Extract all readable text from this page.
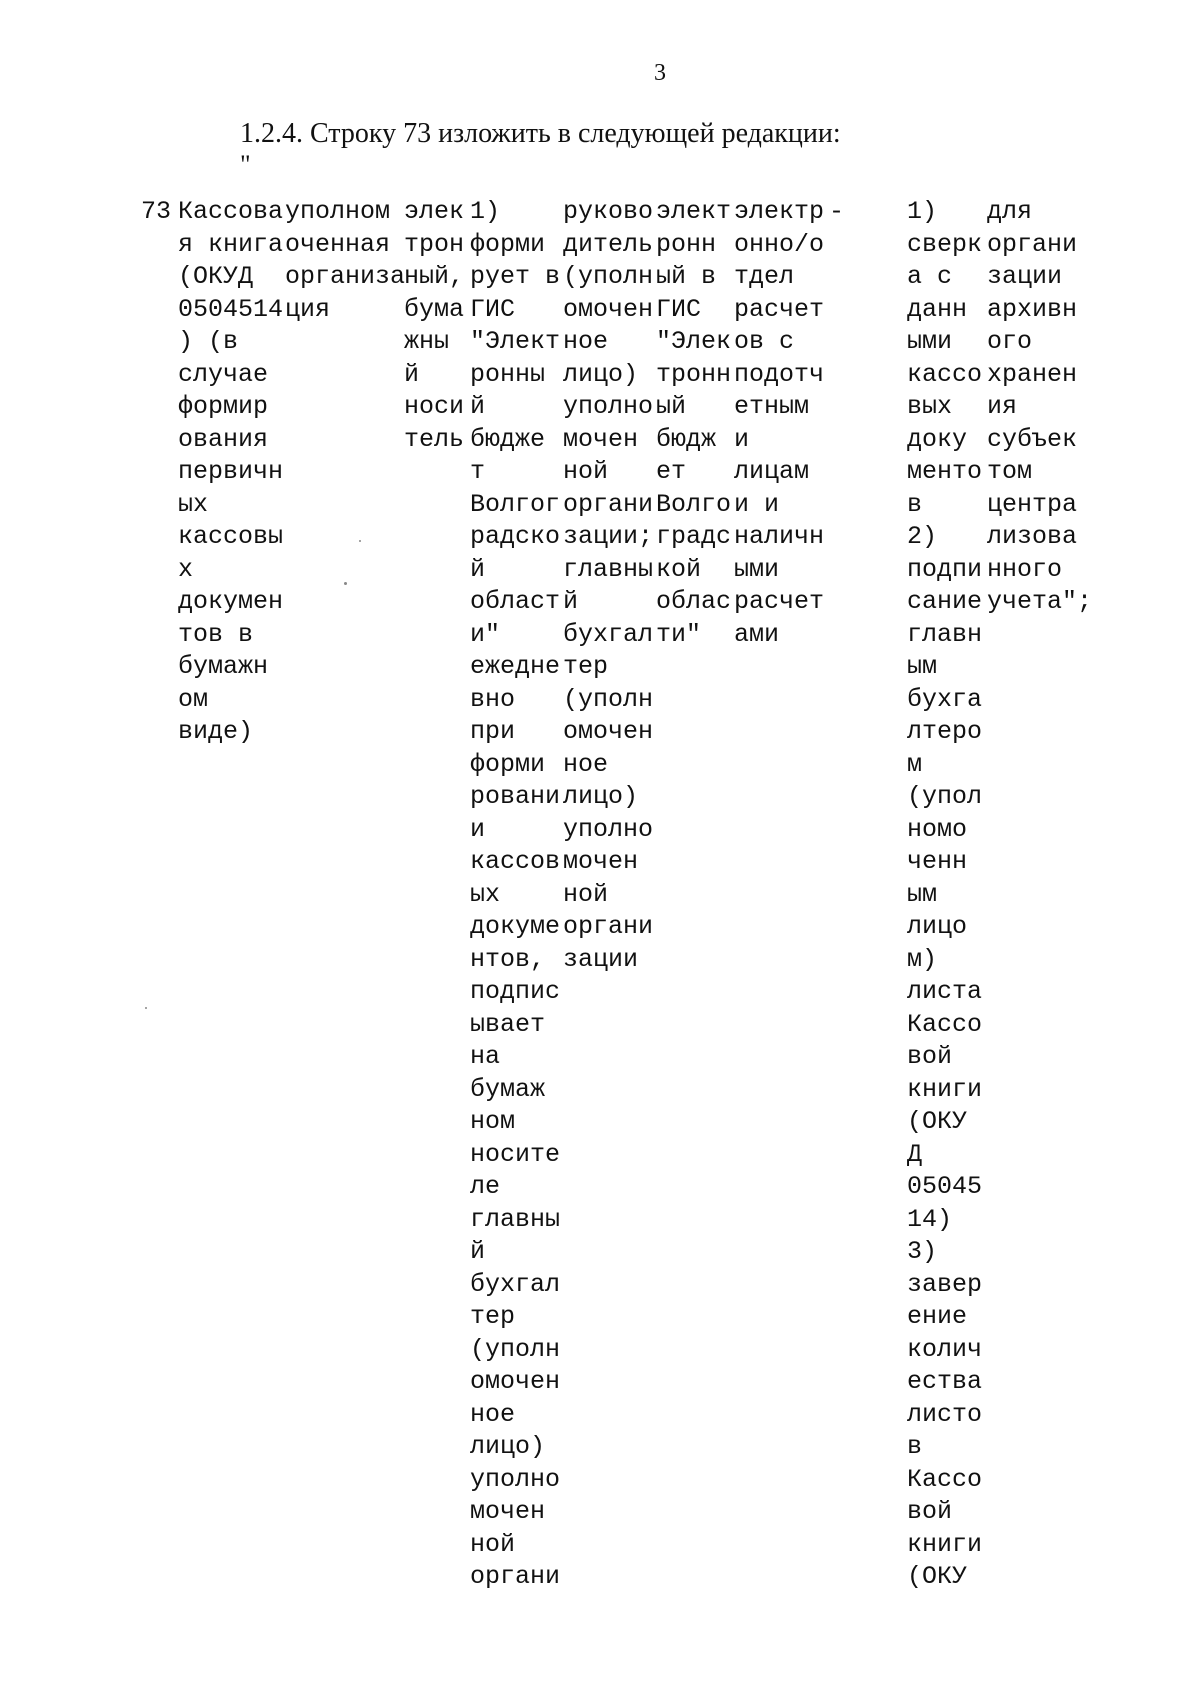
3
1.2.4. Строку 73 изложить в следующей редакции:
"
73 Кассова
я книга
(ОКУД
0504514
) (в
случае
формир
ования
первичн
ых
кассовы
х
докумен
тов в
бумажн
ом
виде)
уполном
оченная
организа
ция
элек
трон
ный,
бума
жны
й
носи
тель
1)
форми
рует в
ГИС
"Элект
ронны
й
бюдже
т
Волгог
радско
й
област
и"
ежедне
вно
при
форми
ровани
и
кассов
ых
докуме
нтов,
подпис
ывает
на
бумаж
ном
носите
ле
главны
й
бухгал
тер
(уполн
омочен
ное
лицо)
уполно
мочен
ной
органи
руково
дитель
(уполн
омочен
ное
лицо)
уполно
мочен
ной
органи
зации;
главны
й
бухгал
тер
(уполн
омочен
ное
лицо)
уполно
мочен
ной
органи
зации
элект
ронн
ый в
ГИС
"Элек
тронн
ый
бюдж
ет
Волго
градс
кой
облас
ти"
электр
онно/о
тдел
расчет
ов с
подотч
етным
и
лицам
и и
наличн
ыми
расчет
ами
-	1)
сверк
а с
данн
ыми
кассо
вых
доку
менто
в
2)
подпи
сание
главн
ым
бухга
лтеро
м
(упол
номо
ченн
ым
лицо
м)
листа
Кассо
вой
книги
(ОКУ
Д
05045
14)
3)
завер
ение
колич
ества
листо
в
Кассо
вой
книги
(ОКУ
для
органи
зации
архивн
ого
хранен
ия
субъек
том
центра
лизова
нного
учета";
